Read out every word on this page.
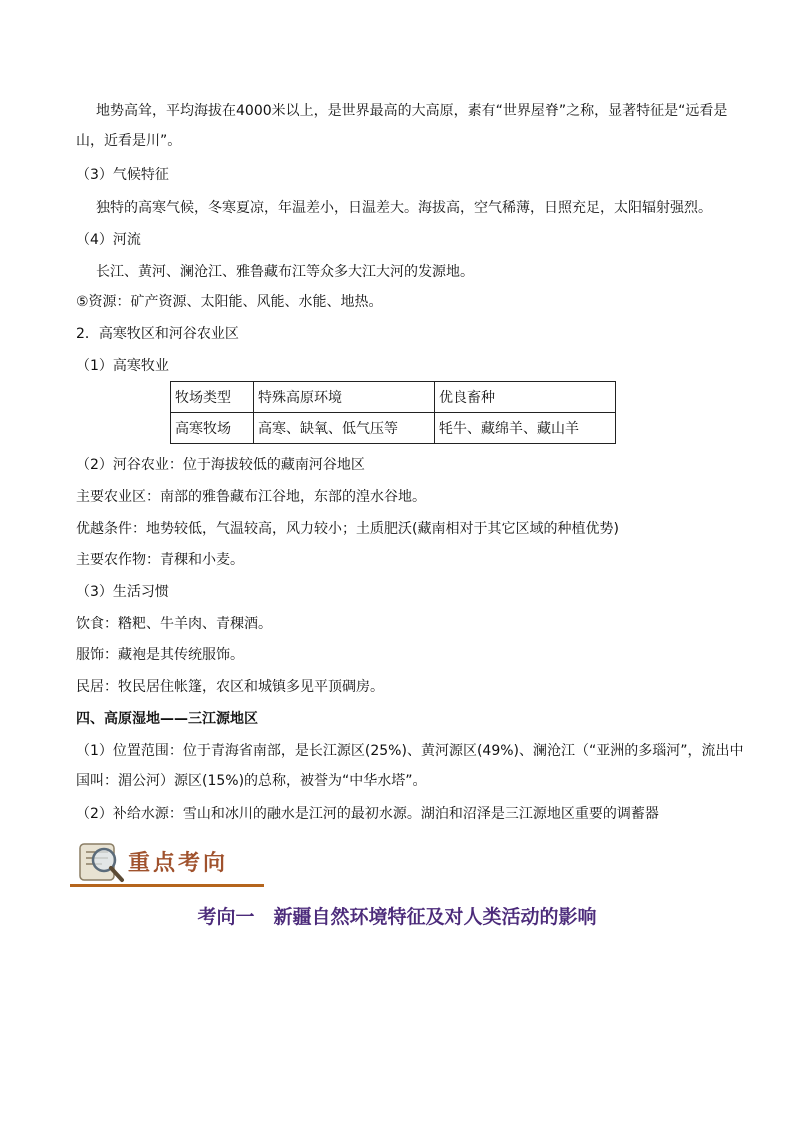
地势高耸，平均海拔在4000米以上，是世界最高的大高原，素有“世界屋脊”之称，显著特征是“远看是
山，近看是川”。
（3）气候特征
独特的高寒气候，冬寒夏凉，年温差小，日温差大。海拔高，空气稀薄，日照充足，太阳辐射强烈。
（4）河流
长江、黄河、澜沧江、雅鲁藏布江等众多大江大河的发源地。
⑤资源：矿产资源、太阳能、风能、水能、地热。
2．高寒牧区和河谷农业区
（1）高寒牧业
牧场类型	特殊高原环境	优良畜种
高寒牧场	高寒、缺氧、低气压等	牦牛、藏绵羊、藏山羊
（2）河谷农业：位于海拔较低的藏南河谷地区
主要农业区：南部的雅鲁藏布江谷地，东部的湟水谷地。
优越条件：地势较低，气温较高，风力较小；土质肥沃(藏南相对于其它区域的种植优势)
主要农作物：青稞和小麦。
（3）生活习惯
饮食：糌粑、牛羊肉、青稞酒。
服饰：藏袍是其传统服饰。
民居：牧民居住帐篷，农区和城镇多见平顶碉房。
四、高原湿地——三江源地区
（1）位置范围：位于青海省南部，是长江源区(25%)、黄河源区(49%)、澜沧江（“亚洲的多瑙河”，流出中
国叫：湄公河）源区(15%)的总称，被誉为“中华水塔”。
（2）补给水源：雪山和冰川的融水是江河的最初水源。湖泊和沼泽是三江源地区重要的调蓄器
重点考向
考向一　新疆自然环境特征及对人类活动的影响
